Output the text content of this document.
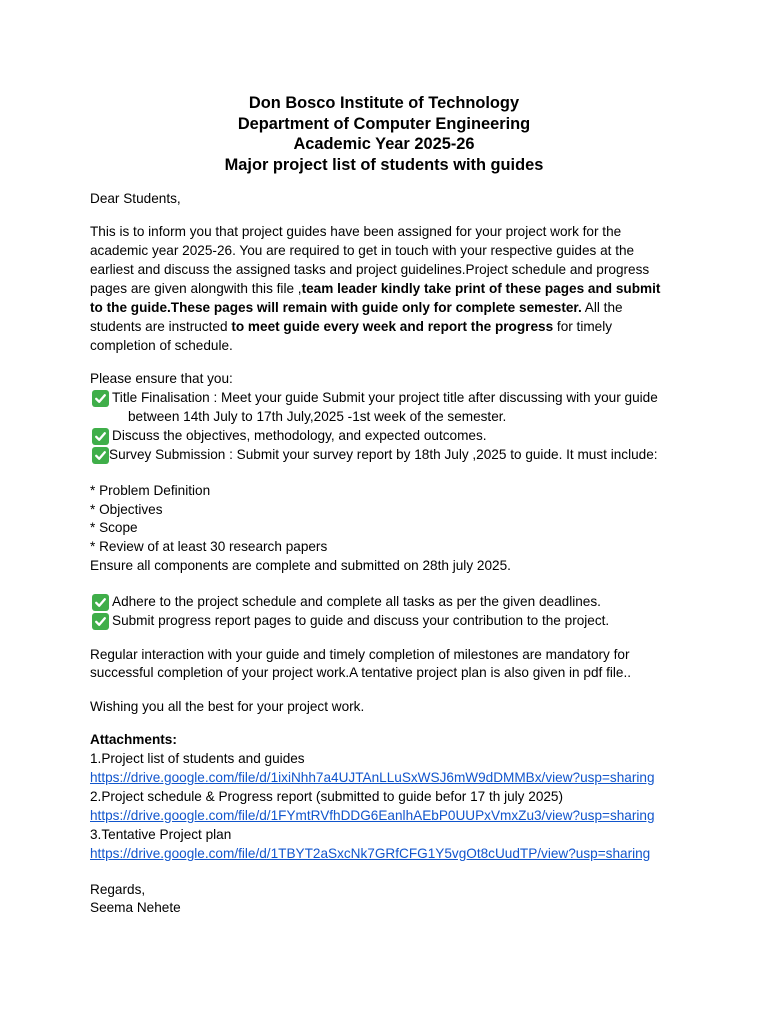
Don Bosco Institute of Technology
Department of Computer Engineering
Academic Year 2025-26
Major project list of students with guides

Dear Students,

This is to inform you that project guides have been assigned for your project work for the
academic year 2025-26. You are required to get in touch with your respective guides at the
earliest and discuss the assigned tasks and project guidelines.Project schedule and progress
pages are given alongwith this file ,team leader kindly take print of these pages and submit
to the guide.These pages will remain with guide only for complete semester. All the
students are instructed to meet guide every week and report the progress for timely
completion of schedule.
Please ensure that you:
Title Finalisation : Meet your guide Submit your project title after discussing with your guide
between 14th July to 17th July,2025 -1st week of the semester.
Discuss the objectives, methodology, and expected outcomes.
Survey Submission : Submit your survey report by 18th July ,2025 to guide. It must include:
* Problem Definition
* Objectives
* Scope
* Review of at least 30 research papers
Ensure all components are complete and submitted on 28th july 2025.
Adhere to the project schedule and complete all tasks as per the given deadlines.
Submit progress report pages to guide and discuss your contribution to the project.
Regular interaction with your guide and timely completion of milestones are mandatory for
successful completion of your project work.A tentative project plan is also given in pdf file..
Wishing you all the best for your project work.
Attachments:
1.Project list of students and guides
https://drive.google.com/file/d/1ixiNhh7a4UJTAnLLuSxWSJ6mW9dDMMBx/view?usp=sharing
2.Project schedule & Progress report (submitted to guide befor 17 th july 2025)
https://drive.google.com/file/d/1FYmtRVfhDDG6EanlhAEbP0UUPxVmxZu3/view?usp=sharing
3.Tentative Project plan
https://drive.google.com/file/d/1TBYT2aSxcNk7GRfCFG1Y5vgOt8cUudTP/view?usp=sharing
Regards,
Seema Nehete
